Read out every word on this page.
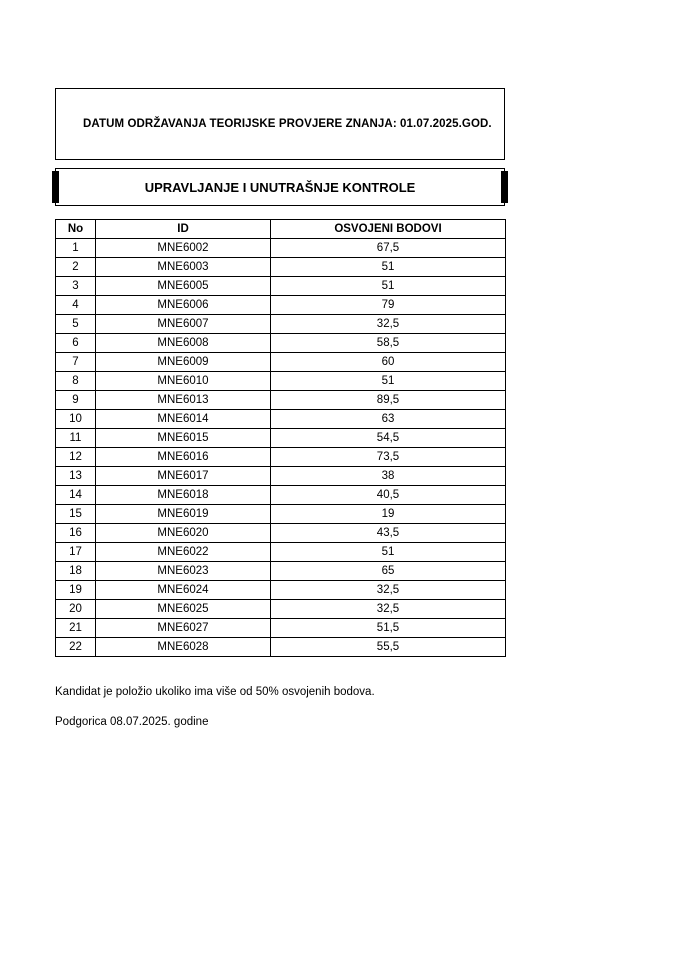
DATUM ODRŽAVANJA TEORIJSKE PROVJERE ZNANJA: 01.07.2025.GOD.
UPRAVLJANJE I UNUTRAŠNJE KONTROLE
No	ID	OSVOJENI BODOVI
1	MNE6002	67,5
2	MNE6003	51
3	MNE6005	51
4	MNE6006	79
5	MNE6007	32,5
6	MNE6008	58,5
7	MNE6009	60
8	MNE6010	51
9	MNE6013	89,5
10	MNE6014	63
11	MNE6015	54,5
12	MNE6016	73,5
13	MNE6017	38
14	MNE6018	40,5
15	MNE6019	19
16	MNE6020	43,5
17	MNE6022	51
18	MNE6023	65
19	MNE6024	32,5
20	MNE6025	32,5
21	MNE6027	51,5
22	MNE6028	55,5
Kandidat je položio ukoliko ima više od 50% osvojenih bodova.
Podgorica 08.07.2025. godine
